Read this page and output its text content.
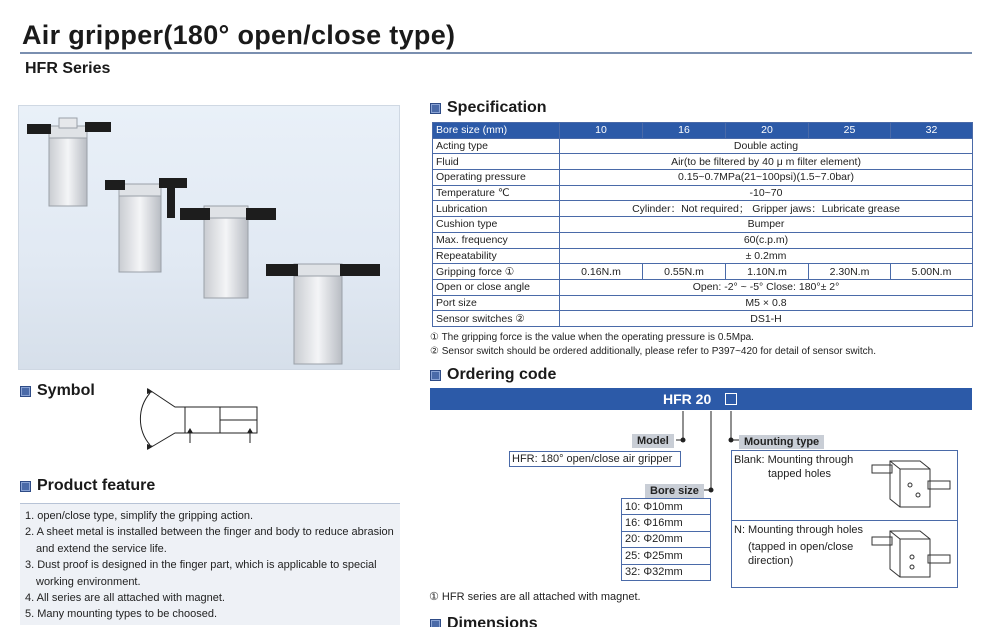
Air gripper(180° open/close type)
HFR Series
Symbol
Product feature
1. open/close type, simplify the gripping action.
2. A sheet metal is installed between the finger and body to reduce abrasion
and extend the service life.
3. Dust proof is designed in the finger part, which is applicable to special
working environment.
4. All series are all attached with magnet.
5. Many mounting types to be choosed.
Specification
Bore size (mm)	10	16	20	25	32
Acting type	Double acting				
Fluid	Air(to be filtered by 40 μ m filter element)				
Operating pressure	0.15~0.7MPa(21~100psi)(1.5~7.0bar)				
Temperature ℃	-10~70				
Lubrication	Cylinder：Not required； Gripper jaws：Lubricate grease				
Cushion type	Bumper				
Max. frequency	60(c.p.m)				
Repeatability	± 0.2mm				
Gripping force ①	0.16N.m	0.55N.m	1.10N.m	2.30N.m	5.00N.m
Open or close angle	Open: -2° ~ -5° Close: 180°± 2°				
Port size	M5 × 0.8				
Sensor switches ②	DS1-H				
① The gripping force is the value when the operating pressure is 0.5Mpa.
② Sensor switch should be ordered additionally, please refer to P397~420 for detail of sensor switch.
Ordering code
HFR 20
Model
HFR: 180° open/close air gripper
Bore size
10: Φ10mm
16: Φ16mm
20: Φ20mm
25: Φ25mm
32: Φ32mm
Mounting type
Blank: Mounting through
tapped holes
N: Mounting through holes
(tapped in open/close
direction)
① HFR series are all attached with magnet.
Dimensions
